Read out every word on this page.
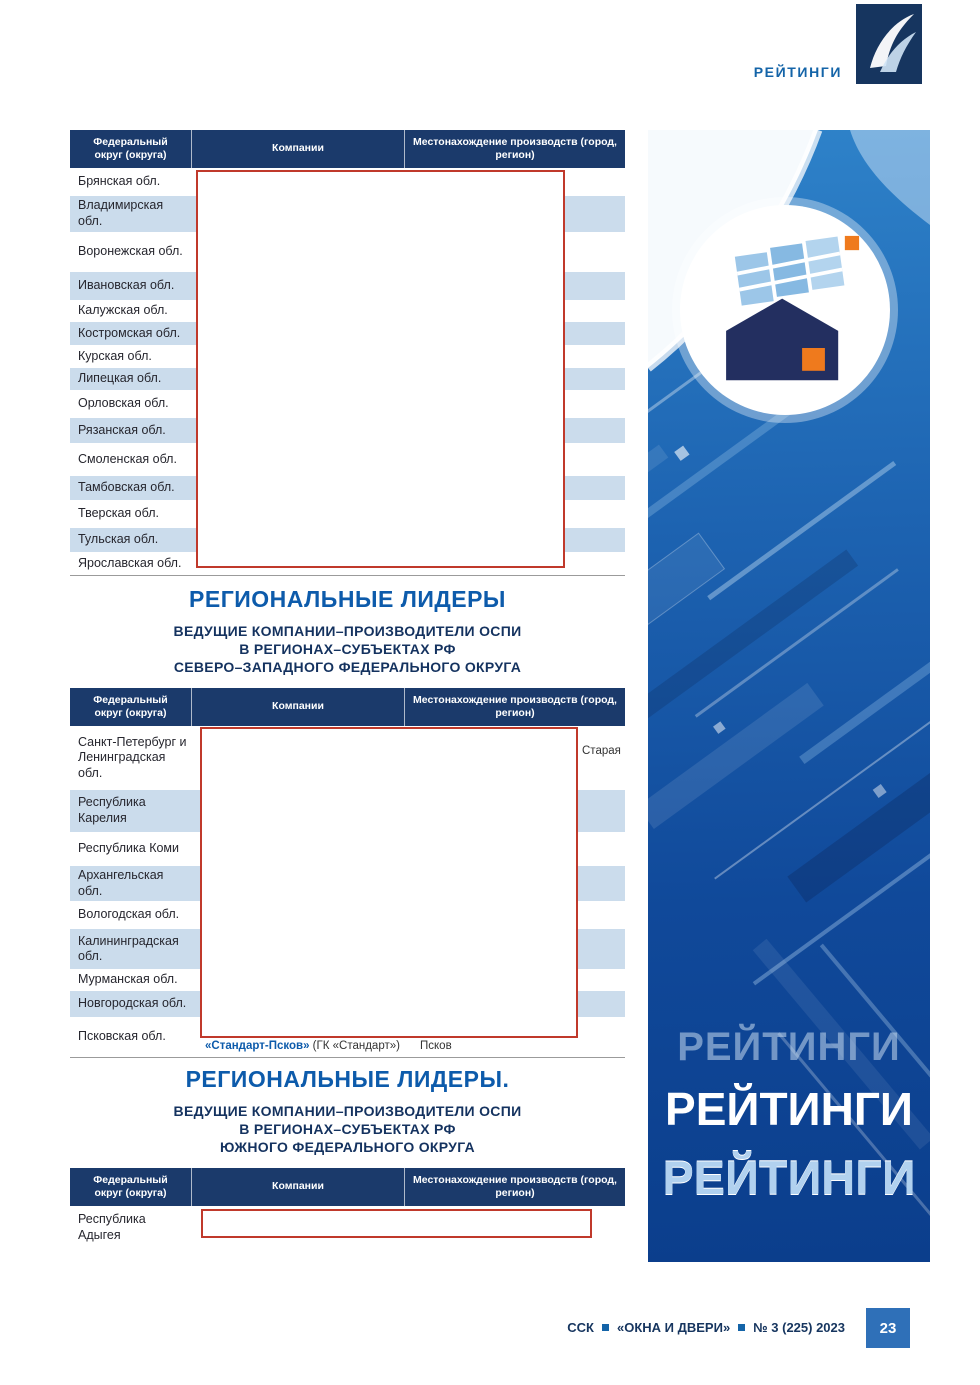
РЕЙТИНГИ
Федеральный округ (округа)
Компании
Местонахождение производств (город, регион)
Брянская обл.
Владимирская обл.
Воронежская обл.
Ивановская обл.
Калужская обл.
Костромская обл.
Курская обл.
Липецкая обл.
Орловская обл.
Рязанская обл.
Смоленская обл.
Тамбовская обл.
Тверская обл.
Тульская обл.
Ярославская обл.
РЕГИОНАЛЬНЫЕ ЛИДЕРЫ
ВЕДУЩИЕ КОМПАНИИ–ПРОИЗВОДИТЕЛИ ОСПИ
В РЕГИОНАХ–СУБЪЕКТАХ РФ
СЕВЕРО–ЗАПАДНОГО ФЕДЕРАЛЬНОГО ОКРУГА
Федеральный округ (округа)
Компании
Местонахождение производств (город, регион)
Санкт-Петербург и Ленинградская обл.
Республика Карелия
Республика Коми
Архангельская обл.
Вологодская обл.
Калининградская обл.
Мурманская обл.
Новгородская обл.
Псковская обл.
РЕГИОНАЛЬНЫЕ ЛИДЕРЫ.
ВЕДУЩИЕ КОМПАНИИ–ПРОИЗВОДИТЕЛИ ОСПИ
В РЕГИОНАХ–СУБЪЕКТАХ РФ
ЮЖНОГО ФЕДЕРАЛЬНОГО ОКРУГА
Федеральный округ (округа)
Компании
Местонахождение производств (город, регион)
Республика Адыгея
Старая
«Стандарт-Псков» (ГК «Стандарт») Псков	РЕЙТИНГИ
РЕЙТИНГИ
РЕЙТИНГИ
ССК «ОКНА И ДВЕРИ» № 3 (225) 2023	23
